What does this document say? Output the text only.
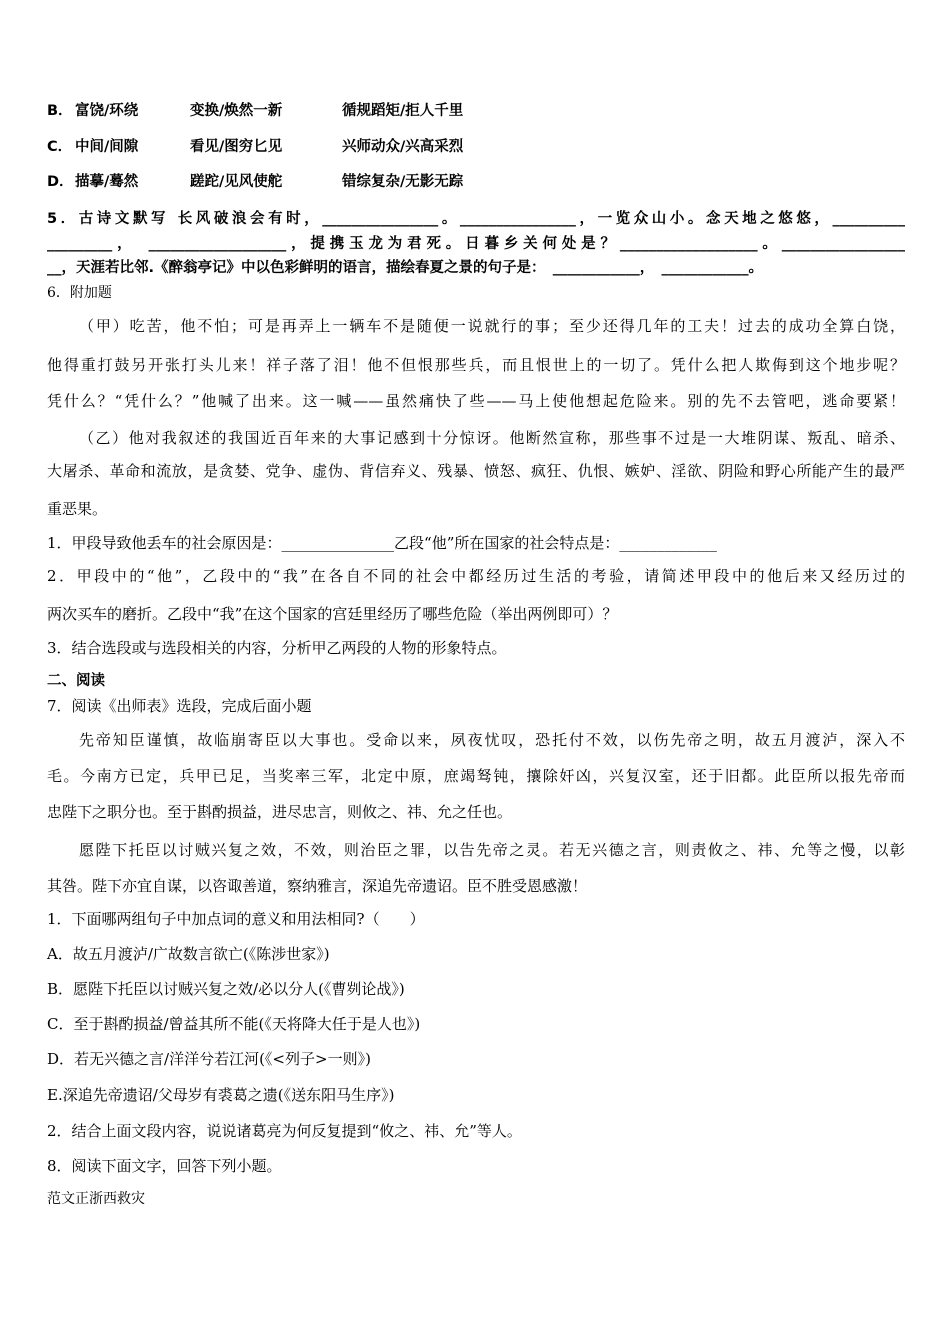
B． 富饶/环绕	变换/焕然一新	循规蹈矩/拒人千里
C． 中间/间隙	看见/图穷匕见	兴师动众/兴高采烈
D． 描摹/蓦然	蹉跎/见风使舵	错综复杂/无影无踪
5．古诗文默写 长风破浪会有时，________________。________________，一览众山小。念天地之悠悠，__________
_________，　___________________，提携玉龙为君死。日暮乡关何处是？___________________。_________________
__，天涯若比邻.《醉翁亭记》中以色彩鲜明的语言，描绘春夏之景的句子是：　____________，　____________。
6．附加题
（甲）吃苦，他不怕；可是再弄上一辆车不是随便一说就行的事；至少还得几年的工夫！过去的成功全算白饶，
他得重打鼓另开张打头儿来！祥子落了泪！他不但恨那些兵，而且恨世上的一切了。凭什么把人欺侮到这个地步呢？
凭什么？“凭什么？”他喊了出来。这一喊——虽然痛快了些——马上使他想起危险来。别的先不去管吧，逃命要紧！
（乙）他对我叙述的我国近百年来的大事记感到十分惊讶。他断然宣称，那些事不过是一大堆阴谋、叛乱、暗杀、
大屠杀、革命和流放，是贪婪、党争、虚伪、背信弃义、残暴、愤怒、疯狂、仇恨、嫉妒、淫欲、阴险和野心所能产生的最严
重恶果。
1．甲段导致他丢车的社会原因是：_______________乙段“他”所在国家的社会特点是：_____________
2．甲段中的“他”，乙段中的“我”在各自不同的社会中都经历过生活的考验，请简述甲段中的他后来又经历过的
两次买车的磨折。乙段中“我”在这个国家的宫廷里经历了哪些危险（举出两例即可）？
3．结合选段或与选段相关的内容，分析甲乙两段的人物的形象特点。
二、阅读
7．阅读《出师表》选段，完成后面小题
先帝知臣谨慎，故临崩寄臣以大事也。受命以来，夙夜忧叹，恐托付不效，以伤先帝之明，故五月渡泸，深入不
毛。今南方已定，兵甲已足，当奖率三军，北定中原，庶竭驽钝，攘除奸凶，兴复汉室，还于旧都。此臣所以报先帝而
忠陛下之职分也。至于斟酌损益，进尽忠言，则攸之、祎、允之任也。
愿陛下托臣以讨贼兴复之效，不效，则治臣之罪，以告先帝之灵。若无兴德之言，则责攸之、祎、允等之慢，以彰
其咎。陛下亦宜自谋，以咨诹善道，察纳雅言，深追先帝遗诏。臣不胜受恩感激！
1．下面哪两组句子中加点词的意义和用法相同?（　　）
A．故五月渡泸/广故数言欲亡(《陈涉世家》)
B．愿陛下托臣以讨贼兴复之效/必以分人(《曹刿论战》)
C．至于斟酌损益/曾益其所不能(《天将降大任于是人也》)
D．若无兴德之言/洋洋兮若江河(《<列子>一则》)
E.深追先帝遗诏/父母岁有裘葛之遗(《送东阳马生序》)
2．结合上面文段内容，说说诸葛亮为何反复提到“攸之、祎、允”等人。
8．阅读下面文字，回答下列小题。
范文正浙西救灾
